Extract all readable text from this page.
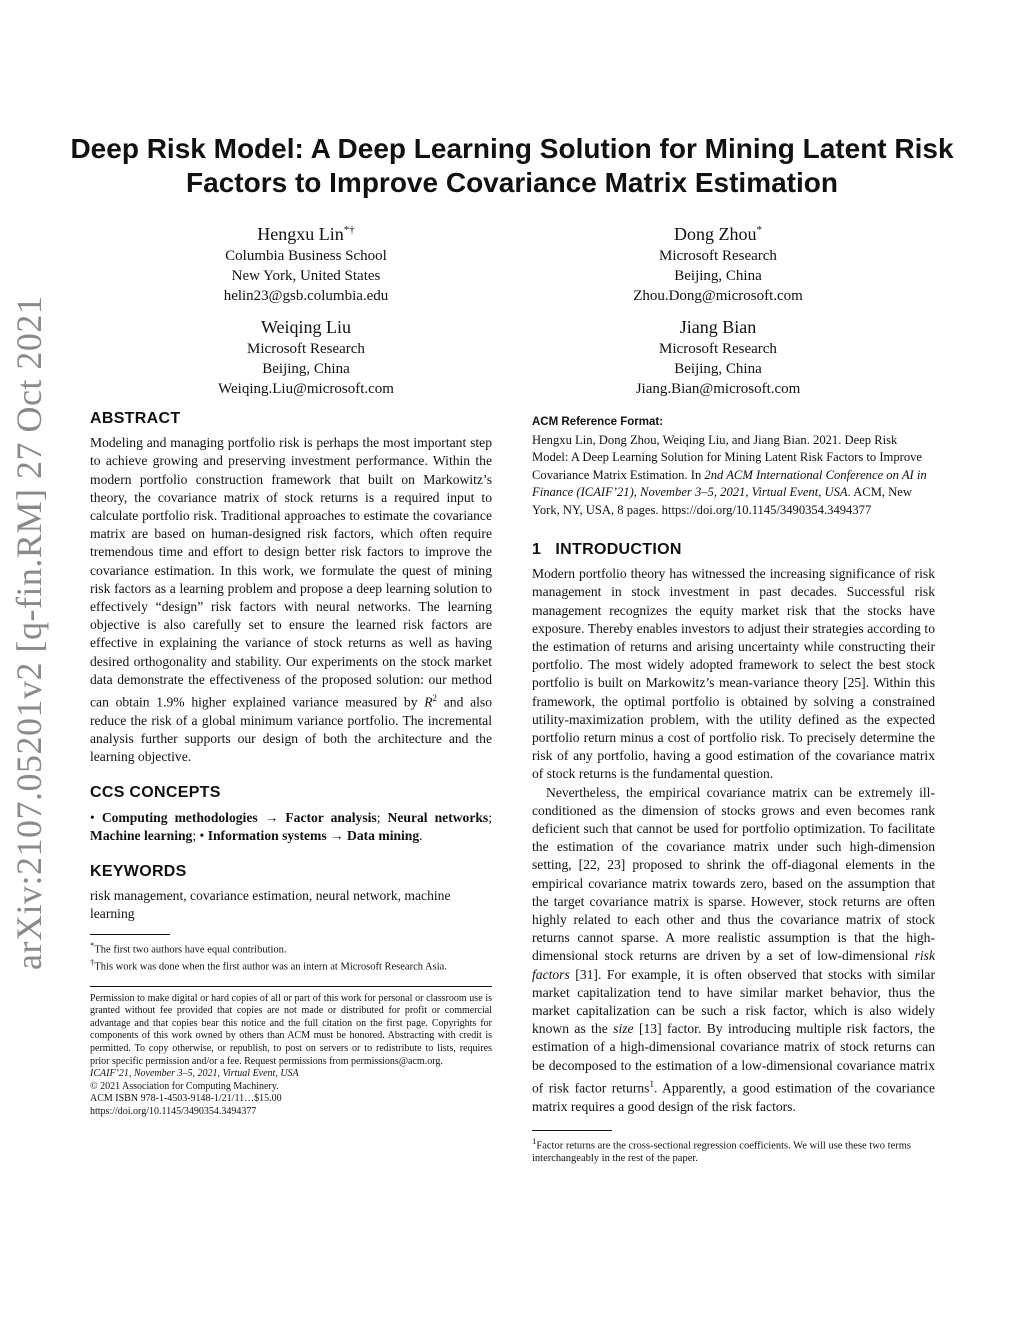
arXiv:2107.05201v2 [q-fin.RM] 27 Oct 2021
Deep Risk Model: A Deep Learning Solution for Mining Latent Risk Factors to Improve Covariance Matrix Estimation
Hengxu Lin*†
Columbia Business School
New York, United States
helin23@gsb.columbia.edu
Dong Zhou*
Microsoft Research
Beijing, China
Zhou.Dong@microsoft.com
Weiqing Liu
Microsoft Research
Beijing, China
Weiqing.Liu@microsoft.com
Jiang Bian
Microsoft Research
Beijing, China
Jiang.Bian@microsoft.com
ABSTRACT

Modeling and managing portfolio risk is perhaps the most important step to achieve growing and preserving investment performance. Within the modern portfolio construction framework that built on Markowitz’s theory, the covariance matrix of stock returns is a required input to calculate portfolio risk. Traditional approaches to estimate the covariance matrix are based on human-designed risk factors, which often require tremendous time and effort to design better risk factors to improve the covariance estimation. In this work, we formulate the quest of mining risk factors as a learning problem and propose a deep learning solution to effectively “design” risk factors with neural networks. The learning objective is also carefully set to ensure the learned risk factors are effective in explaining the variance of stock returns as well as having desired orthogonality and stability. Our experiments on the stock market data demonstrate the effectiveness of the proposed solution: our method can obtain 1.9% higher explained variance measured by $R^2$ and also reduce the risk of a global minimum variance portfolio. The incremental analysis further supports our design of both the architecture and the learning objective.

CCS CONCEPTS

• Computing methodologies → Factor analysis; Neural networks; Machine learning; • Information systems → Data mining.

KEYWORDS

risk management, covariance estimation, neural network, machine learning

*The first two authors have equal contribution.

†This work was done when the first author was an intern at Microsoft Research Asia.

Permission to make digital or hard copies of all or part of this work for personal or classroom use is granted without fee provided that copies are not made or distributed for profit or commercial advantage and that copies bear this notice and the full citation on the first page. Copyrights for components of this work owned by others than ACM must be honored. Abstracting with credit is permitted. To copy otherwise, or republish, to post on servers or to redistribute to lists, requires prior specific permission and/or a fee. Request permissions from permissions@acm.org.

ICAIF’21, November 3–5, 2021, Virtual Event, USA

© 2021 Association for Computing Machinery.

ACM ISBN 978-1-4503-9148-1/21/11…$15.00

https://doi.org/10.1145/3490354.3494377

ACM Reference Format:

Hengxu Lin, Dong Zhou, Weiqing Liu, and Jiang Bian. 2021. Deep Risk Model: A Deep Learning Solution for Mining Latent Risk Factors to Improve Covariance Matrix Estimation. In 2nd ACM International Conference on AI in Finance (ICAIF’21), November 3–5, 2021, Virtual Event, USA. ACM, New York, NY, USA, 8 pages. https://doi.org/10.1145/3490354.3494377

1   INTRODUCTION

Modern portfolio theory has witnessed the increasing significance of risk management in stock investment in past decades. Successful risk management recognizes the equity market risk that the stocks have exposure. Thereby enables investors to adjust their strategies according to the estimation of returns and arising uncertainty while constructing their portfolio. The most widely adopted framework to select the best stock portfolio is built on Markowitz’s mean-variance theory [25]. Within this framework, the optimal portfolio is obtained by solving a constrained utility-maximization problem, with the utility defined as the expected portfolio return minus a cost of portfolio risk. To precisely determine the risk of any portfolio, having a good estimation of the covariance matrix of stock returns is the fundamental question.

Nevertheless, the empirical covariance matrix can be extremely ill-conditioned as the dimension of stocks grows and even becomes rank deficient such that cannot be used for portfolio optimization. To facilitate the estimation of the covariance matrix under such high-dimension setting, [22, 23] proposed to shrink the off-diagonal elements in the empirical covariance matrix towards zero, based on the assumption that the target covariance matrix is sparse. However, stock returns are often highly related to each other and thus the covariance matrix of stock returns cannot sparse. A more realistic assumption is that the high-dimensional stock returns are driven by a set of low-dimensional risk factors [31]. For example, it is often observed that stocks with similar market capitalization tend to have similar market behavior, thus the market capitalization can be such a risk factor, which is also widely known as the size [13] factor. By introducing multiple risk factors, the estimation of a high-dimensional covariance matrix of stock returns can be decomposed to the estimation of a low-dimensional covariance matrix of risk factor returns$^1$. Apparently, a good estimation of the covariance matrix requires a good design of the risk factors.

$^1$Factor returns are the cross-sectional regression coefficients. We will use these two terms interchangeably in the rest of the paper.
